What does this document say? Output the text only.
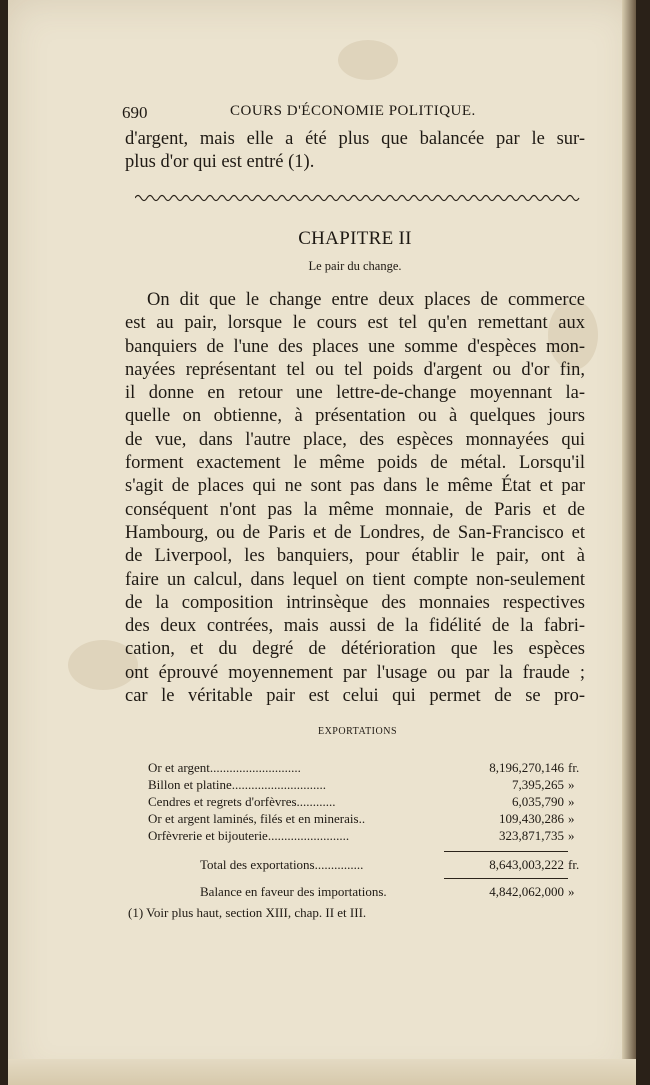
690	COURS D'ÉCONOMIE POLITIQUE.
d'argent, mais elle a été plus que balancée par le sur-
plus d'or qui est entré (1).
CHAPITRE II
Le pair du change.
On dit que le change entre deux places de commerce
est au pair, lorsque le cours est tel qu'en remettant aux
banquiers de l'une des places une somme d'espèces mon-
nayées représentant tel ou tel poids d'argent ou d'or fin,
il donne en retour une lettre-de-change moyennant la-
quelle on obtienne, à présentation ou à quelques jours
de vue, dans l'autre place, des espèces monnayées qui
forment exactement le même poids de métal. Lorsqu'il
s'agit de places qui ne sont pas dans le même État et par
conséquent n'ont pas la même monnaie, de Paris et de
Hambourg, ou de Paris et de Londres, de San-Francisco et
de Liverpool, les banquiers, pour établir le pair, ont à
faire un calcul, dans lequel on tient compte non-seulement
de la composition intrinsèque des monnaies respectives
des deux contrées, mais aussi de la fidélité de la fabri-
cation, et du degré de détérioration que les espèces
ont éprouvé moyennement par l'usage ou par la fraude ;
car le véritable pair est celui qui permet de se pro-
EXPORTATIONS
Or et argent............................	8,196,270,146 fr.
Billon et platine.............................	7,395,265 »
Cendres et regrets d'orfèvres............	6,035,790 »
Or et argent laminés, filés et en minerais..	109,430,286 »
Orfèvrerie et bijouterie.........................	323,871,735 »
Total des exportations...............	8,643,003,222 fr.
Balance en faveur des importations.	4,842,062,000 »
(1) Voir plus haut, section XIII, chap. II et III.
